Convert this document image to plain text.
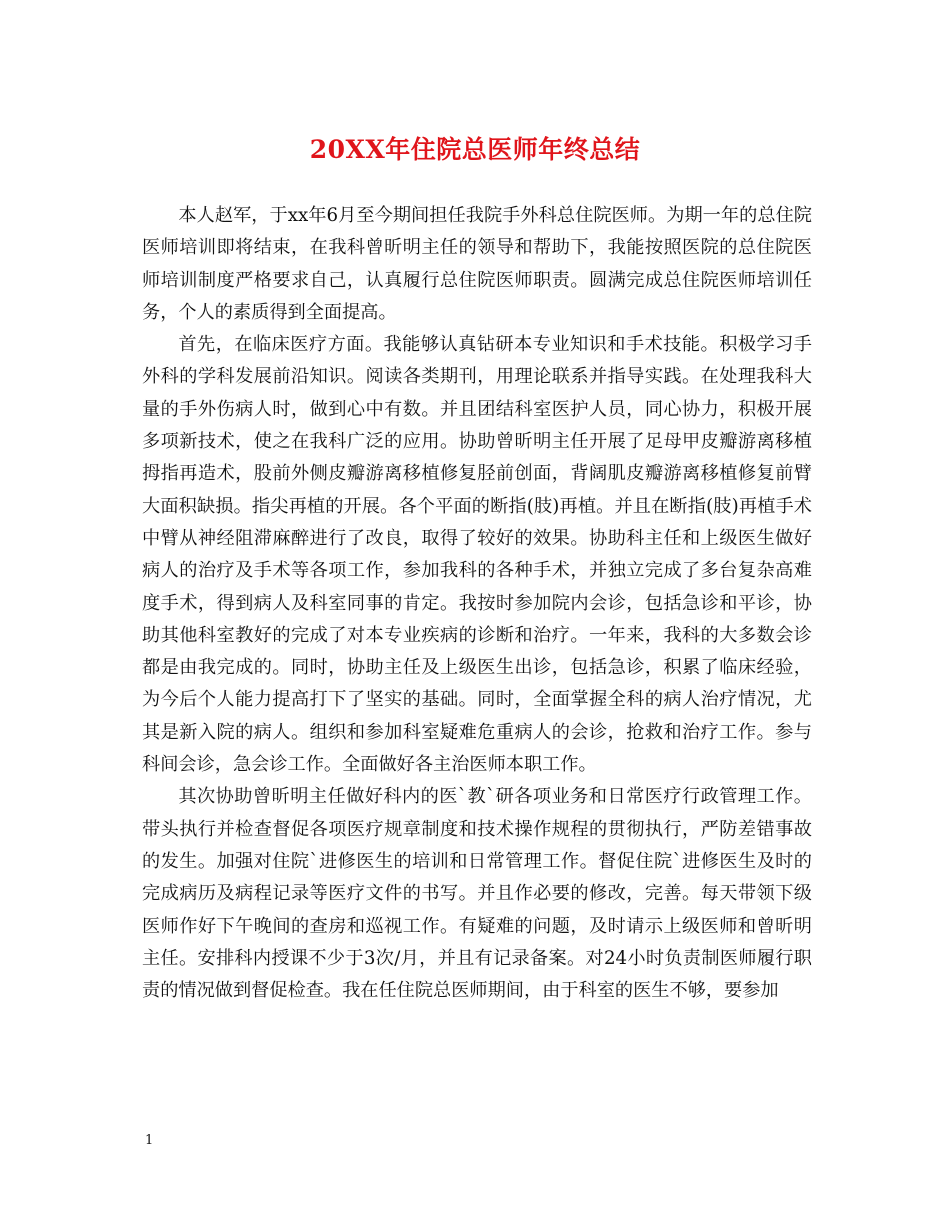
20XX年住院总医师年终总结

本人赵军，于xx年6月至今期间担任我院手外科总住院医师。为期一年的总住院医师培训即将结束，在我科曾昕明主任的领导和帮助下，我能按照医院的总住院医师培训制度严格要求自己，认真履行总住院医师职责。圆满完成总住院医师培训任务，个人的素质得到全面提高。

首先，在临床医疗方面。我能够认真钻研本专业知识和手术技能。积极学习手外科的学科发展前沿知识。阅读各类期刊，用理论联系并指导实践。在处理我科大量的手外伤病人时，做到心中有数。并且团结科室医护人员，同心协力，积极开展多项新技术，使之在我科广泛的应用。协助曾昕明主任开展了足母甲皮瓣游离移植拇指再造术，股前外侧皮瓣游离移植修复胫前创面，背阔肌皮瓣游离移植修复前臂大面积缺损。指尖再植的开展。各个平面的断指(肢)再植。并且在断指(肢)再植手术中臂从神经阻滞麻醉进行了改良，取得了较好的效果。协助科主任和上级医生做好病人的治疗及手术等各项工作，参加我科的各种手术，并独立完成了多台复杂高难度手术，得到病人及科室同事的肯定。我按时参加院内会诊，包括急诊和平诊，协助其他科室教好的完成了对本专业疾病的诊断和治疗。一年来，我科的大多数会诊都是由我完成的。同时，协助主任及上级医生出诊，包括急诊，积累了临床经验，为今后个人能力提高打下了坚实的基础。同时，全面掌握全科的病人治疗情况，尤其是新入院的病人。组织和参加科室疑难危重病人的会诊，抢救和治疗工作。参与科间会诊，急会诊工作。全面做好各主治医师本职工作。

其次协助曾昕明主任做好科内的医`教`研各项业务和日常医疗行政管理工作。带头执行并检查督促各项医疗规章制度和技术操作规程的贯彻执行，严防差错事故的发生。加强对住院`进修医生的培训和日常管理工作。督促住院`进修医生及时的完成病历及病程记录等医疗文件的书写。并且作必要的修改，完善。每天带领下级医师作好下午晚间的查房和巡视工作。有疑难的问题，及时请示上级医师和曾昕明主任。安排科内授课不少于3次/月，并且有记录备案。对24小时负责制医师履行职责的情况做到督促检查。我在任住院总医师期间，由于科室的医生不够，要参加

1
